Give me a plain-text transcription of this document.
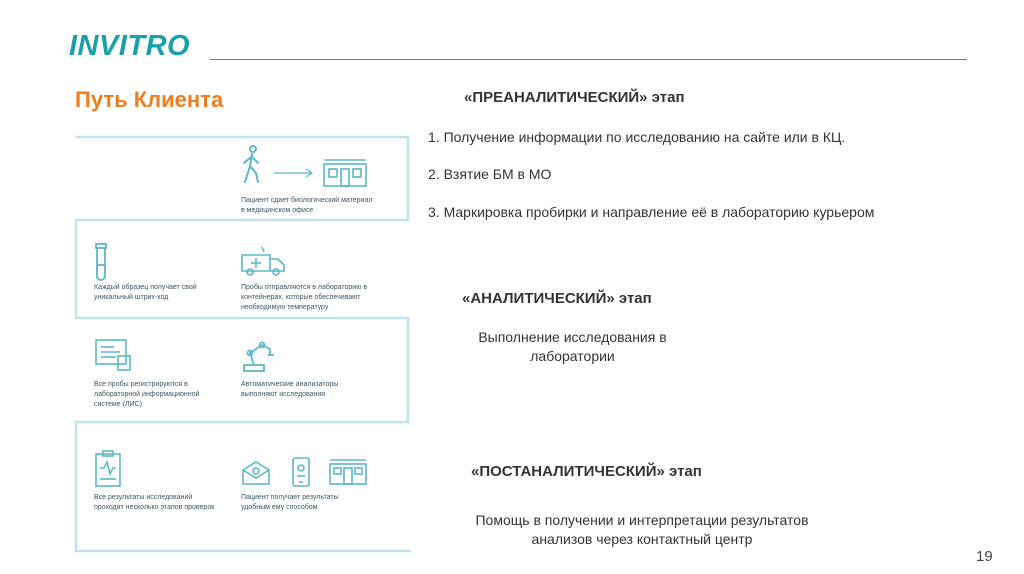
INVITRO
Путь Клиента
Пациент сдает биологический материал в медицинском офисе
Каждый образец получает свой уникальный штрих-код
Пробы отправляются в лабораторию в контейнерах, которые обеспечивают необходимую температуру
Все пробы регистрируются в лабораторной информационной системе (ЛИС)
Автоматические анализаторы выполняют исследования
Все результаты исследований проходят несколько этапов проверок
Пациент получает результаты удобным ему способом
«ПРЕАНАЛИТИЧЕСКИЙ» этап
1. Получение информации по исследованию на сайте или в КЦ.
2. Взятие БМ в МО
3. Маркировка пробирки и направление её в лабораторию курьером
«АНАЛИТИЧЕСКИЙ» этап
Выполнение исследования в лаборатории
«ПОСТАНАЛИТИЧЕСКИЙ» этап
Помощь в получении и интерпретации результатов анализов через контактный центр
19
